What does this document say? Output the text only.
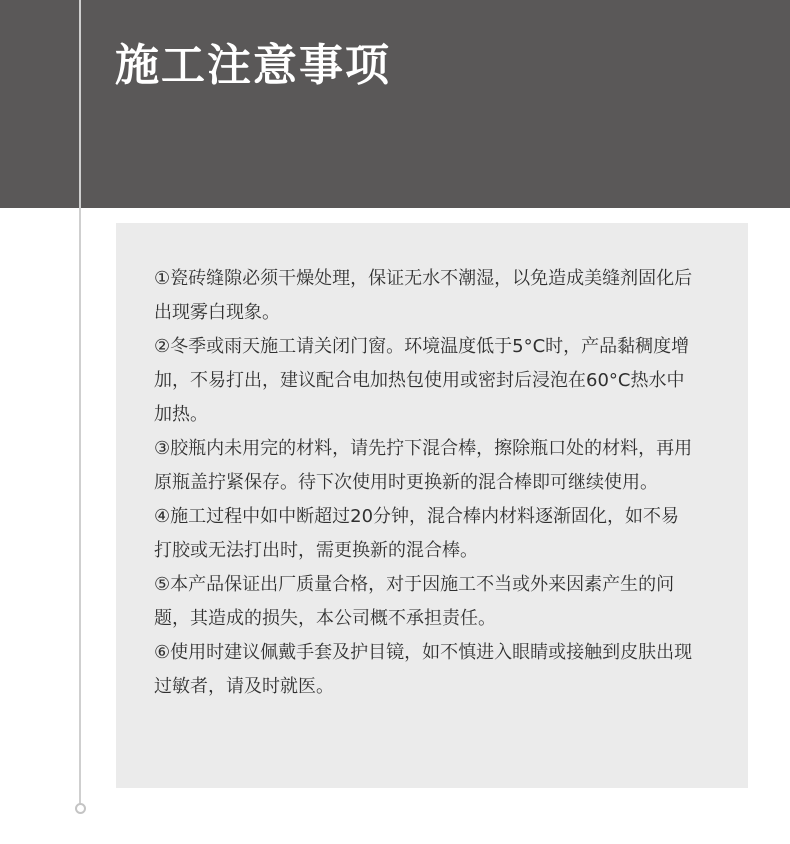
施工注意事项
①瓷砖缝隙必须干燥处理，保证无水不潮湿，以免造成美缝剂固化后出现雾白现象。
②冬季或雨天施工请关闭门窗。环境温度低于5°C时，产品黏稠度增加，不易打出，建议配合电加热包使用或密封后浸泡在60°C热水中加热。
③胶瓶内未用完的材料，请先拧下混合棒，擦除瓶口处的材料，再用原瓶盖拧紧保存。待下次使用时更换新的混合棒即可继续使用。
④施工过程中如中断超过20分钟，混合棒内材料逐渐固化，如不易打胶或无法打出时，需更换新的混合棒。
⑤本产品保证出厂质量合格，对于因施工不当或外来因素产生的问题，其造成的损失，本公司概不承担责任。
⑥使用时建议佩戴手套及护目镜，如不慎进入眼睛或接触到皮肤出现过敏者，请及时就医。
